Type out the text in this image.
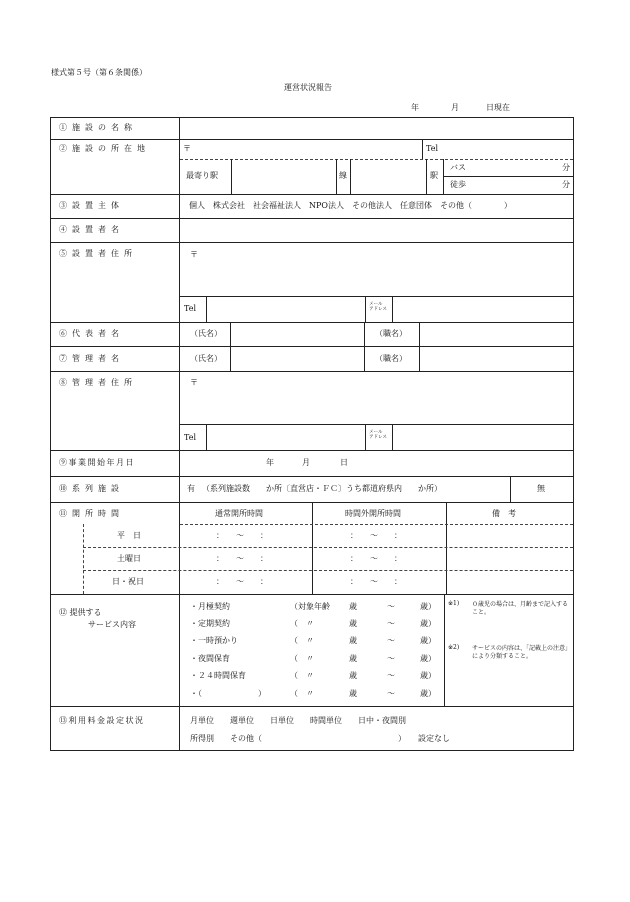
様式第５号（第６条関係）
運営状況報告
年	月	日現在
①施設の名称
②施設の所在地	〒	Tel
最寄り駅	線	駅
バス	分
徒歩	分
③設置主体	個人　株式会社　社会福祉法人　NPO法人　その他法人　任意団体　その他（　　　　）
④設置者名
⑤設置者住所	〒
Tel	メール
アドレス
⑥代表者名	（氏名）	（職名）
⑦管理者名	（氏名）	（職名）
⑧管理者住所	〒
Tel
メール
アドレス
⑨事業開始年月日	年	月	日
⑩系列施設	有 （系列施設数　　か所〔直営店・ＦＣ〕うち都道府県内　　か所）	無
⑪開所時間	通常開所時間	時間外開所時間	備　考
平　日	：　〜　：	：　〜　：
土曜日	：　〜　：	：　〜　：
日・祝日	：　〜　：	：　〜　：
⑫ 提供する
サービス内容
・月極契約	（対象年齢 歳	〜	歳）
・定期契約	（　〃	歳	〜	歳）
・一時預かり	（　〃	歳	〜	歳）
・夜間保育	（　〃	歳	〜	歳）
・２４時間保育	（　〃	歳	〜	歳）
・（　　　　　　　）	（　〃	歳	〜	歳）
※1) ０歳児の場合は、月齢まで記入すること。
※2) サービスの内容は、「記載上の注意」により分類すること。
⑬利用料金設定状況	月単位　　週単位　　日単位　　時間単位　　日中・夜間別
所得別　　その他（　　　　　　　　　　　　　　　　　）　　設定なし
